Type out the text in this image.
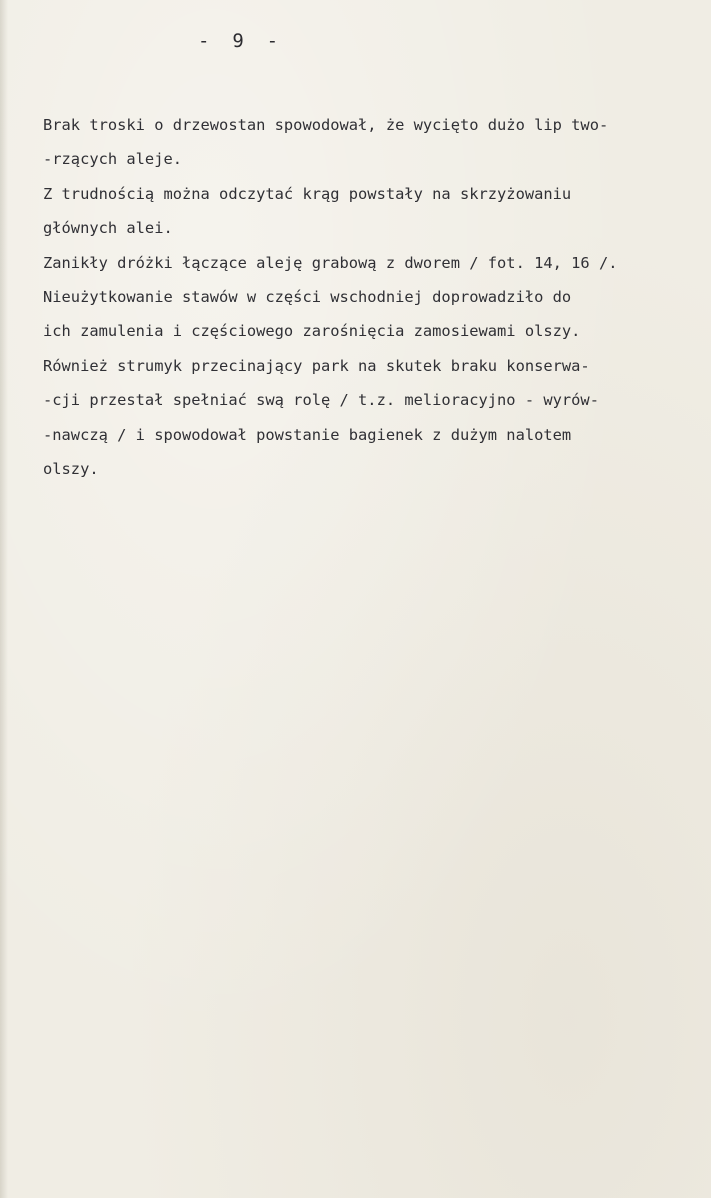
-  9  -
Brak troski o drzewostan spowodował, że wycięto dużo lip two-
-rzących aleje.
Z trudnością można odczytać krąg powstały na skrzyżowaniu
głównych alei.
Zanikły dróżki łączące aleję grabową z dworem / fot. 14, 16 /.
Nieużytkowanie stawów w części wschodniej doprowadziło do
ich zamulenia i częściowego zarośnięcia zamosiewami olszy.
Również strumyk przecinający park na skutek braku konserwa-
-cji przestał spełniać swą rolę / t.z. melioracyjno - wyrów-
-nawczą / i spowodował powstanie bagienek z dużym nalotem
olszy.
